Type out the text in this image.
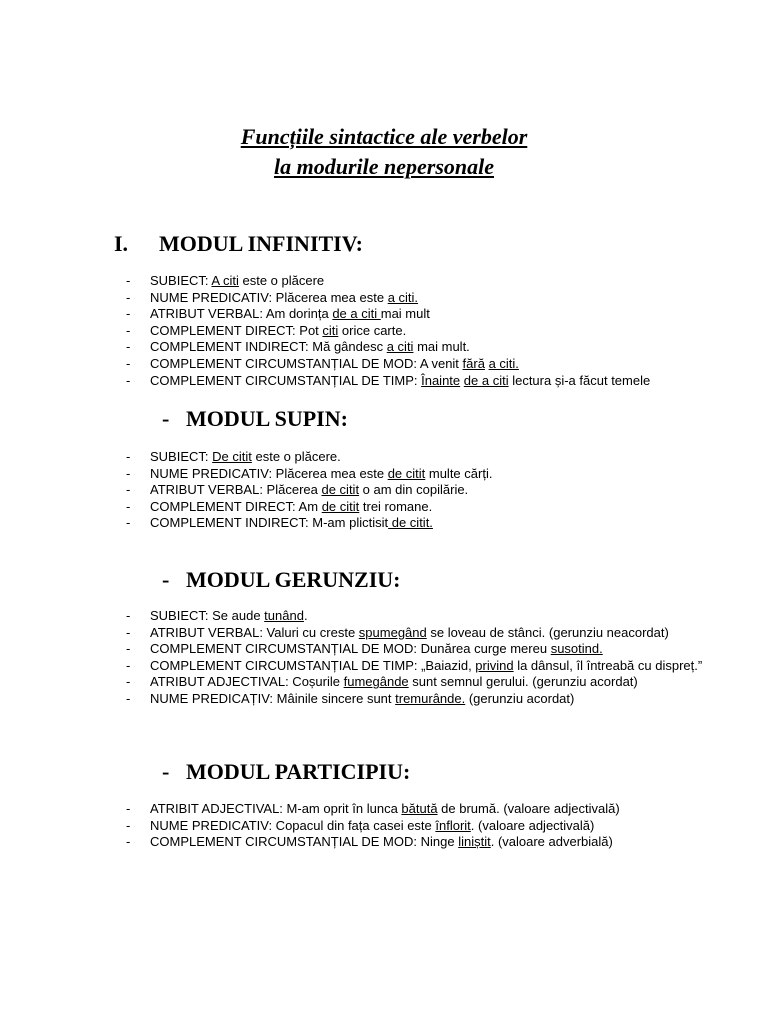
Funcțiile sintactice ale verbelor
la modurile nepersonale
I. MODUL INFINITIV:
- SUBIECT: A citi este o plăcere
- NUME PREDICATIV: Plăcerea mea este a citi.
- ATRIBUT VERBAL: Am dorința de a citi mai mult
- COMPLEMENT DIRECT: Pot citi orice carte.
- COMPLEMENT INDIRECT: Mă gândesc a citi mai mult.
- COMPLEMENT CIRCUMSTANȚIAL DE MOD: A venit fără a citi.
- COMPLEMENT CIRCUMSTANȚIAL DE TIMP: Înainte de a citi lectura și-a făcut temele
- MODUL SUPIN:
- SUBIECT: De citit este o plăcere.
- NUME PREDICATIV: Plăcerea mea este de citit multe cărți.
- ATRIBUT VERBAL: Plăcerea de citit o am din copilărie.
- COMPLEMENT DIRECT: Am de citit trei romane.
- COMPLEMENT INDIRECT: M-am plictisit de citit.
- MODUL GERUNZIU:
- SUBIECT: Se aude tunând.
- ATRIBUT VERBAL: Valuri cu creste spumegând se loveau de stânci. (gerunziu neacordat)
- COMPLEMENT CIRCUMSTANȚIAL DE MOD: Dunărea curge mereu susotind.
- COMPLEMENT CIRCUMSTANȚIAL DE TIMP: „Baiazid, privind la dânsul, îl întreabă cu dispreț.”
- ATRIBUT ADJECTIVAL: Coșurile fumegânde sunt semnul gerului. (gerunziu acordat)
- NUME PREDICAȚIV: Mâinile sincere sunt tremurânde. (gerunziu acordat)
- MODUL PARTICIPIU:
- ATRIBIT ADJECTIVAL: M-am oprit în lunca bătută de brumă. (valoare adjectivală)
- NUME PREDICATIV: Copacul din fața casei este înflorit. (valoare adjectivală)
- COMPLEMENT CIRCUMSTANȚIAL DE MOD: Ninge liniștit. (valoare adverbială)
